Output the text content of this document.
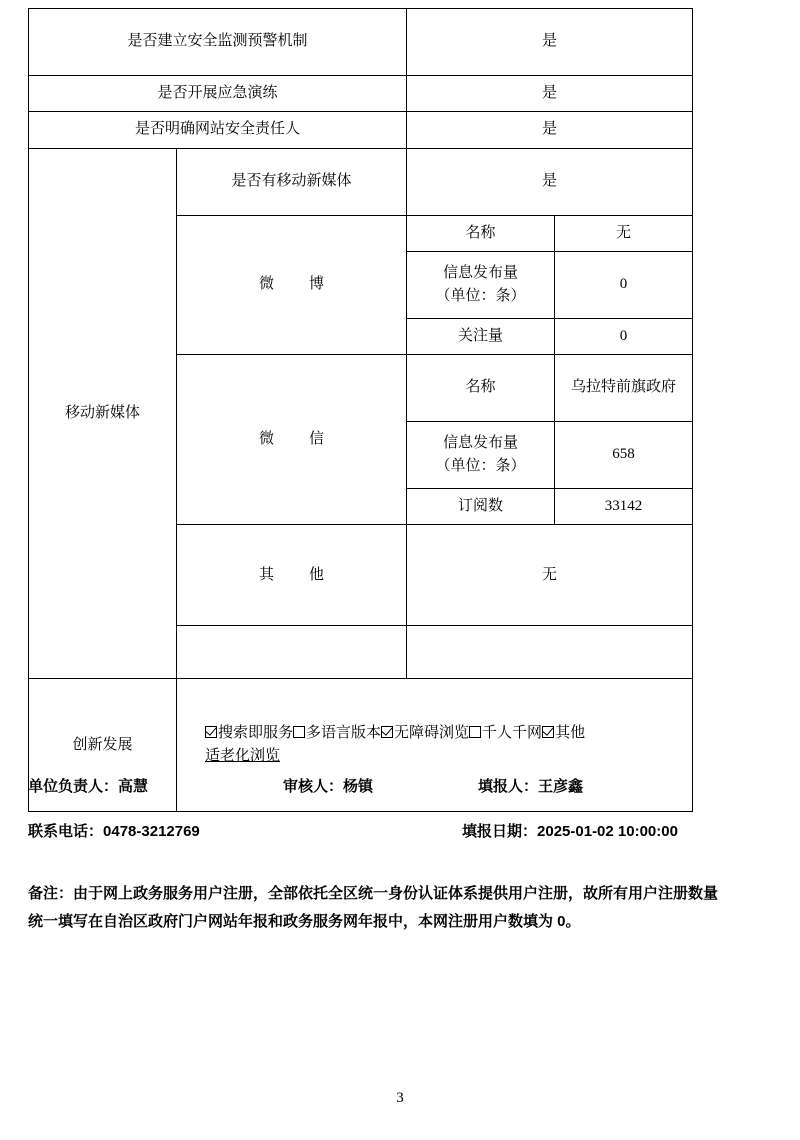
是否建立安全监测预警机制		是	
是否开展应急演练		是	
是否明确网站安全责任人		是	
移动新媒体	是否有移动新媒体	是	
	微　博	名称	无

		信息发布量
（单位：条）	0
		关注量	0
	微　信	名称	乌拉特前旗政府

		信息发布量
（单位：条）	658
		订阅数	33142
	其　他	无	

创新发展	搜索即服务 多语言版本 无障碍浏览 千人千网 其他
适老化浏览		
单位负责人：高慧	审核人：杨镇	填报人：王彦鑫
联系电话：0478-3212769	填报日期：2025-01-02 10:00:00
备注：由于网上政务服务用户注册，全部依托全区统一身份认证体系提供用户注册，故所有用户注册数量统一填写在自治区政府门户网站年报和政务服务网年报中，本网注册用户数填为 0。
3
